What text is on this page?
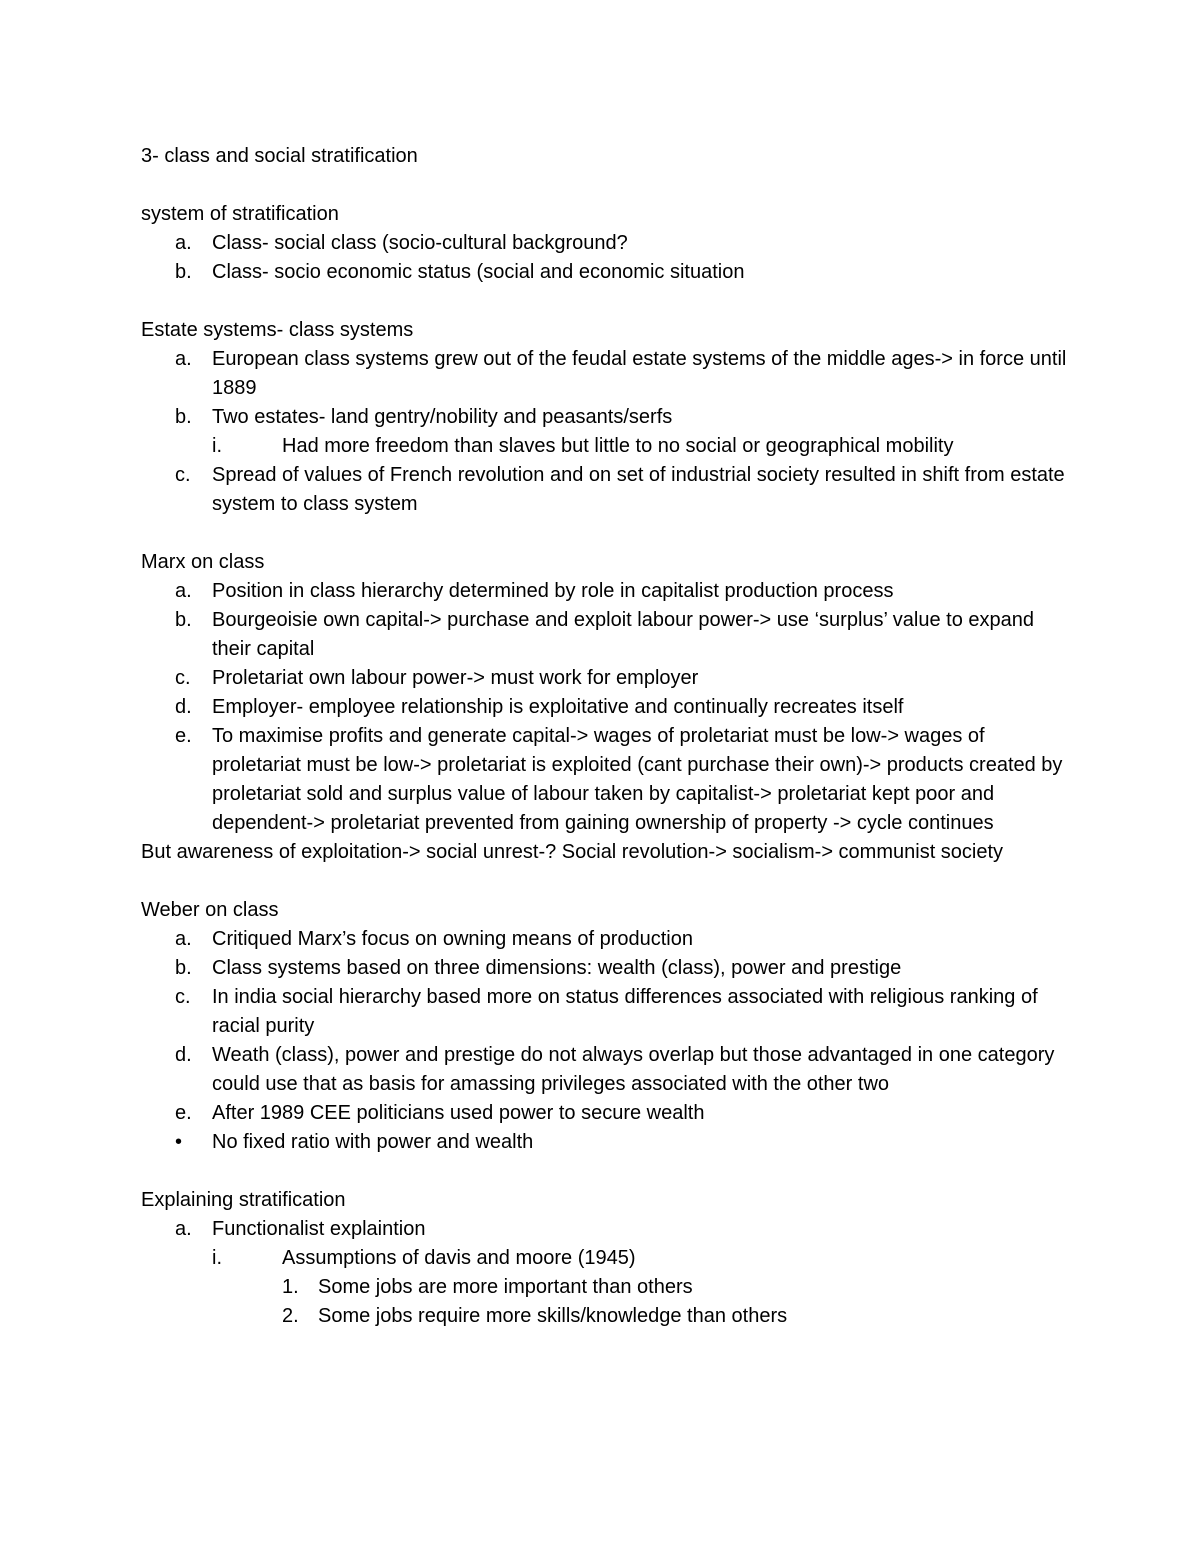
3- class and social stratification

system of stratification

a.	Class- social class (socio-cultural background?

b.	Class- socio economic status (social and economic situation

Estate systems- class systems

a.	European class systems grew out of the feudal estate systems of the middle ages-> in force until 1889

b.	Two estates- land gentry/nobility and peasants/serfs

i.	Had more freedom than slaves but little to no social or geographical mobility

c.	Spread of values of French revolution and on set of industrial society resulted in shift from estate system to class system

Marx on class

a.	Position in class hierarchy determined by role in capitalist production process

b.	Bourgeoisie own capital-> purchase and exploit labour power-> use ‘surplus’ value to expand their capital

c.	Proletariat own labour power-> must work for employer

d.	Employer- employee relationship is exploitative and continually recreates itself

e.	To maximise profits and generate capital-> wages of proletariat must be low-> wages of proletariat must be low-> proletariat is exploited (cant purchase their own)-> products created by proletariat sold and surplus value of labour taken by capitalist-> proletariat kept poor and dependent-> proletariat prevented from gaining ownership of property -> cycle continues

But awareness of exploitation-> social unrest-? Social revolution-> socialism-> communist society

Weber on class

a.	Critiqued Marx’s focus on owning means of production

b.	Class systems based on three dimensions: wealth (class), power and prestige

c.	In india social hierarchy based more on status differences associated with religious ranking of racial purity

d.	Weath (class), power and prestige do not always overlap but those advantaged in one category could use that as basis for amassing privileges associated with the other two

e.	After 1989 CEE politicians used power to secure wealth

•	No fixed ratio with power and wealth

Explaining stratification

a.	Functionalist explaintion

i.	Assumptions of davis and moore (1945)

1. Some jobs are more important than others

2. Some jobs require more skills/knowledge than others
